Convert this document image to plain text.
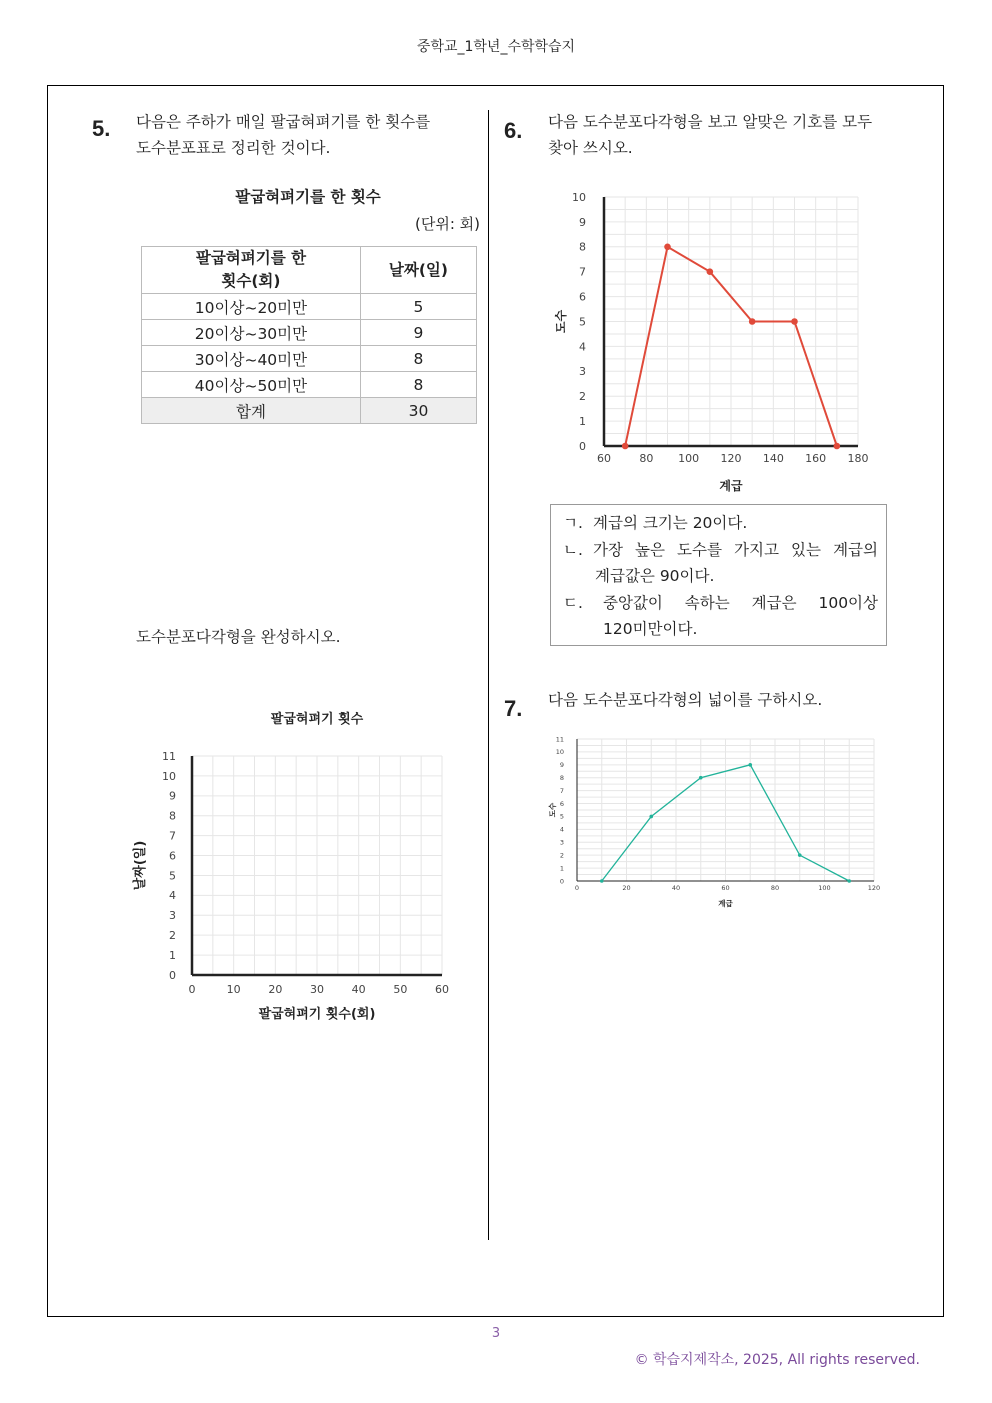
중학교_1학년_수학학습지
5. 다음은 주하가 매일 팔굽혀펴기를 한 횟수를
도수분포표로 정리한 것이다.
팔굽혀펴기를 한 횟수
(단위: 회)
팔굽혀펴기를 한
횟수(회)	날짜(일)
10이상~20미만	5
20이상~30미만	9
30이상~40미만	8
40이상~50미만	8
합계	30
도수분포다각형을 완성하시오.
0	10	20	30	40	50	60
0
1
2
3
4
5
6
7
8
9
10
11
팔굽혀펴기 횟수
팔굽혀펴기 횟수(회)
날짜(일)
6. 다음 도수분포다각형을 보고 알맞은 기호를 모두
찾아 쓰시오.
60	80 100 120 140 160 180
0
1
2
3
4
5
6
7
8
9
10
계급
도수
ㄱ. 계급의 크기는 20이다.
ㄴ. 가장 높은 도수를 가지고 있는 계급의
계급값은 90이다.
ㄷ.	중앙값이 속하는 계급은 100이상
120미만이다.
7. 다음 도수분포다각형의 넓이를 구하시오.
0	20	40	60	80	100	120
0
1
2
3
4
5
6
7
8
9
10
11
계급
도수
3
© 학습지제작소, 2025, All rights reserved.
